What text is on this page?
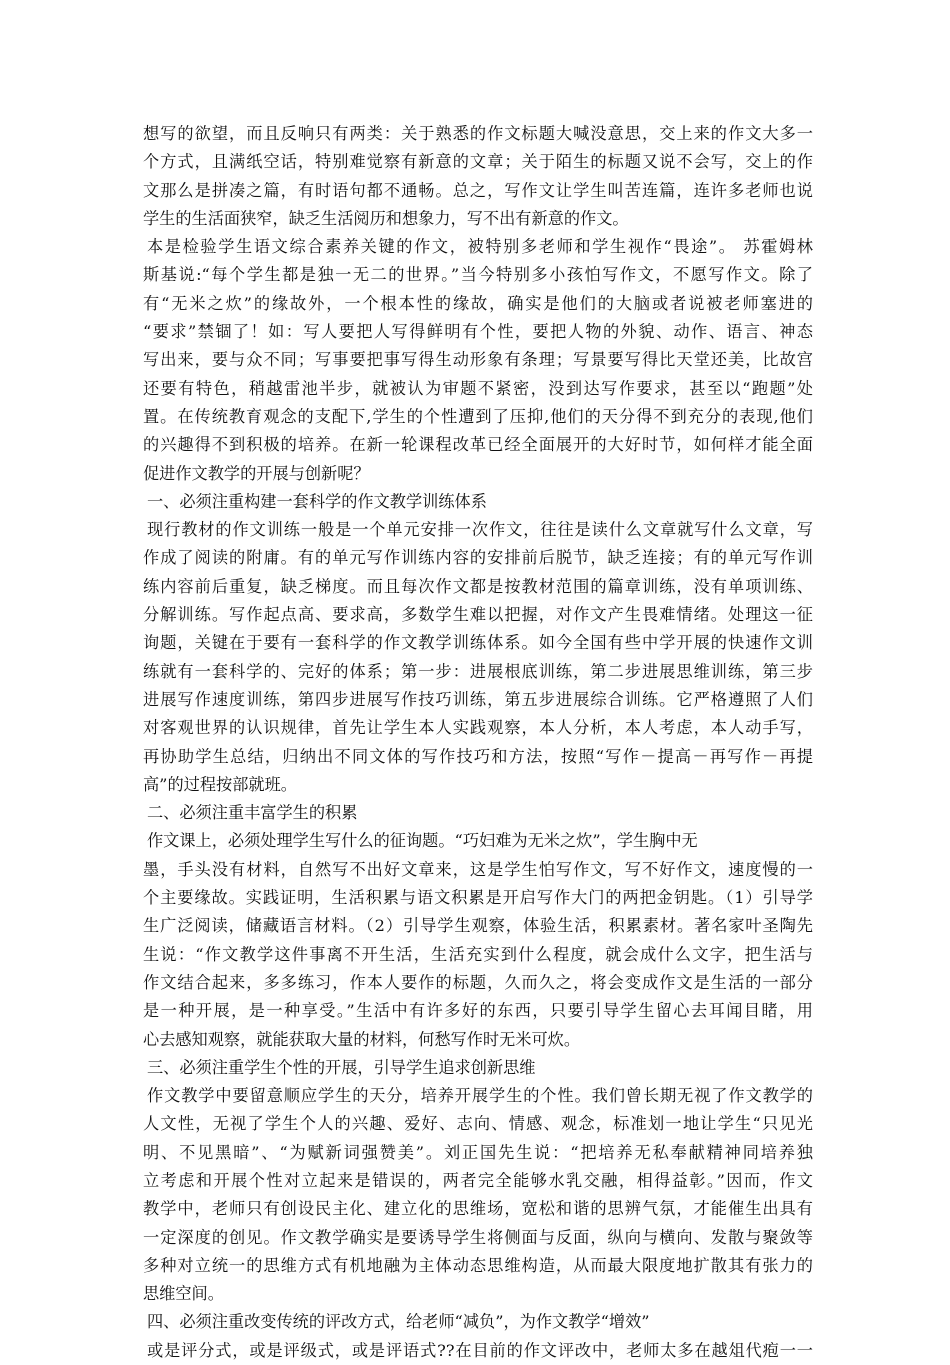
想写的欲望，而且反响只有两类：关于熟悉的作文标题大喊没意思，交上来的作文大多一
个方式，且满纸空话，特别难觉察有新意的文章；关于陌生的标题又说不会写，交上的作
文那么是拼凑之篇，有时语句都不通畅。总之，写作文让学生叫苦连篇，连许多老师也说
学生的生活面狭窄，缺乏生活阅历和想象力，写不出有新意的作文。
本是检验学生语文综合素养关键的作文，被特别多老师和学生视作“畏途”。 苏霍姆林
斯基说:“每个学生都是独一无二的世界。”当今特别多小孩怕写作文，不愿写作文。除了
有“无米之炊”的缘故外，一个根本性的缘故，确实是他们的大脑或者说被老师塞进的
“要求”禁锢了！如：写人要把人写得鲜明有个性，要把人物的外貌、动作、语言、神态
写出来，要与众不同；写事要把事写得生动形象有条理；写景要写得比天堂还美，比故宫
还要有特色，稍越雷池半步，就被认为审题不紧密，没到达写作要求，甚至以“跑题”处
置。在传统教育观念的支配下,学生的个性遭到了压抑,他们的天分得不到充分的表现,他们
的兴趣得不到积极的培养。在新一轮课程改革已经全面展开的大好时节，如何样才能全面
促进作文教学的开展与创新呢？
一、必须注重构建一套科学的作文教学训练体系
现行教材的作文训练一般是一个单元安排一次作文，往往是读什么文章就写什么文章，写
作成了阅读的附庸。有的单元写作训练内容的安排前后脱节，缺乏连接；有的单元写作训
练内容前后重复，缺乏梯度。而且每次作文都是按教材范围的篇章训练，没有单项训练、
分解训练。写作起点高、要求高，多数学生难以把握，对作文产生畏难情绪。处理这一征
询题，关键在于要有一套科学的作文教学训练体系。如今全国有些中学开展的快速作文训
练就有一套科学的、完好的体系；第一步：进展根底训练，第二步进展思维训练，第三步
进展写作速度训练，第四步进展写作技巧训练，第五步进展综合训练。它严格遵照了人们
对客观世界的认识规律，首先让学生本人实践观察，本人分析，本人考虑，本人动手写，
再协助学生总结，归纳出不同文体的写作技巧和方法，按照“写作－提高－再写作－再提
高”的过程按部就班。
二、必须注重丰富学生的积累
作文课上，必须处理学生写什么的征询题。“巧妇难为无米之炊”，学生胸中无
墨，手头没有材料，自然写不出好文章来，这是学生怕写作文，写不好作文，速度慢的一
个主要缘故。实践证明，生活积累与语文积累是开启写作大门的两把金钥匙。（1）引导学
生广泛阅读，储藏语言材料。（2）引导学生观察，体验生活，积累素材。著名家叶圣陶先
生说：“作文教学这件事离不开生活，生活充实到什么程度，就会成什么文字，把生活与
作文结合起来，多多练习，作本人要作的标题，久而久之，将会变成作文是生活的一部分
是一种开展，是一种享受。”生活中有许多好的东西，只要引导学生留心去耳闻目睹，用
心去感知观察，就能获取大量的材料，何愁写作时无米可炊。
三、必须注重学生个性的开展，引导学生追求创新思维
作文教学中要留意顺应学生的天分，培养开展学生的个性。我们曾长期无视了作文教学的
人文性，无视了学生个人的兴趣、爱好、志向、情感、观念，标准划一地让学生“只见光
明、不见黑暗”、“为赋新词强赞美”。刘正国先生说：“把培养无私奉献精神同培养独
立考虑和开展个性对立起来是错误的，两者完全能够水乳交融，相得益彰。”因而，作文
教学中，老师只有创设民主化、建立化的思维场，宽松和谐的思辨气氛，才能催生出具有
一定深度的创见。作文教学确实是要诱导学生将侧面与反面，纵向与横向、发散与聚敛等
多种对立统一的思维方式有机地融为主体动态思维构造，从而最大限度地扩散其有张力的
思维空间。
四、必须注重改变传统的评改方式，给老师“减负”，为作文教学“增效”
或是评分式，或是评级式，或是评语式??在目前的作文评改中，老师太多在越俎代疱一一
